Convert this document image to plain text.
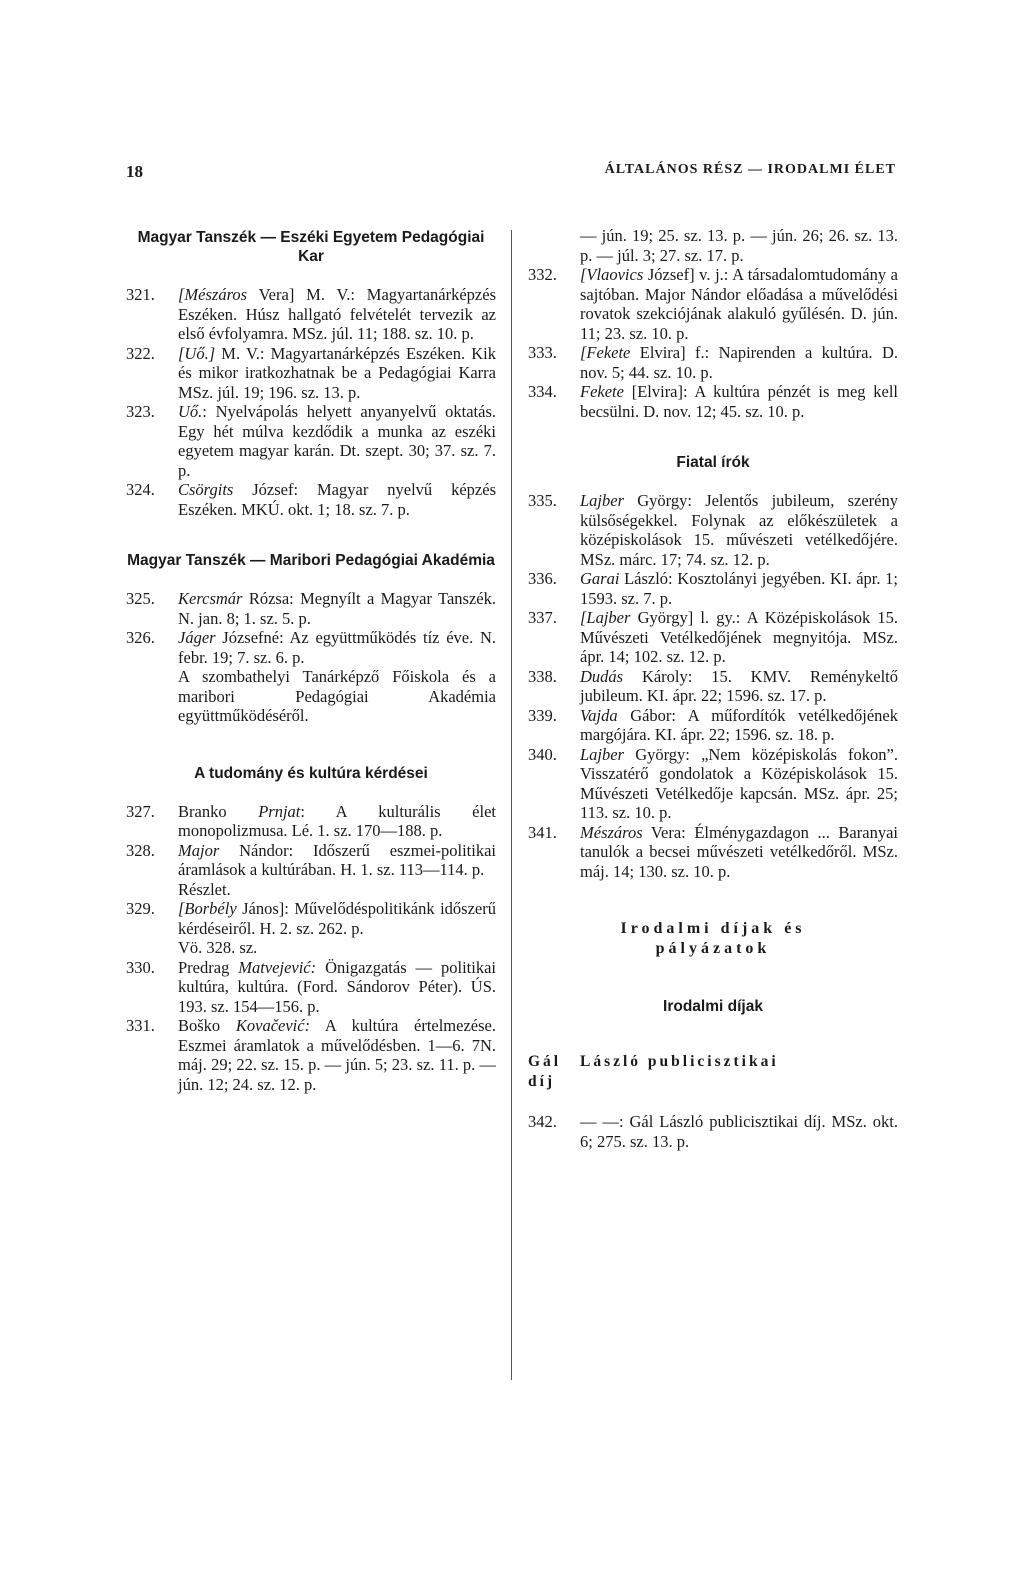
18	ÁLTALÁNOS RÉSZ — IRODALMI ÉLET
Magyar Tanszék — Eszéki Egyetem Pedagógiai Kar
321.	[Mészáros Vera] M. V.: Magyartanárképzés Eszéken. Húsz hallgató felvételét tervezik az első évfolyamra. MSz. júl. 11; 188. sz. 10. p.
322.	[Uő.] M. V.: Magyartanárképzés Eszéken. Kik és mikor iratkozhatnak be a Pedagógiai Karra MSz. júl. 19; 196. sz. 13. p.
323.	Uő.: Nyelvápolás helyett anyanyelvű oktatás. Egy hét múlva kezdődik a munka az eszéki egyetem magyar karán. Dt. szept. 30; 37. sz. 7. p.
324.	Csörgits József: Magyar nyelvű képzés Eszéken. MKÚ. okt. 1; 18. sz. 7. p.
Magyar Tanszék — Maribori Pedagógiai Akadémia
325.	Kercsmár Rózsa: Megnyílt a Magyar Tanszék. N. jan. 8; 1. sz. 5. p.
326.	Jáger Józsefné: Az együttműködés tíz éve. N. febr. 19; 7. sz. 6. p.
A szombathelyi Tanárképző Főiskola és a maribori Pedagógiai Akadémia együttműködéséről.
A tudomány és kultúra kérdései
327.	Branko Prnjat: A kulturális élet monopolizmusa. Lé. 1. sz. 170—188. p.
328.	Major Nándor: Időszerű eszmei-politikai áramlások a kultúrában. H. 1. sz. 113—114. p.
Részlet.
329.	[Borbély János]: Művelődéspolitikánk időszerű kérdéseiről. H. 2. sz. 262. p.
Vö. 328. sz.
330.	Predrag Matvejević: Önigazgatás — politikai kultúra, kultúra. (Ford. Sándorov Péter). ÚS. 193. sz. 154—156. p.
331.	Boško Kovačević: A kultúra értelmezése. Eszmei áramlatok a művelődésben. 1—6. 7N. máj. 29; 22. sz. 15. p. — jún. 5; 23. sz. 11. p. — jún. 12; 24. sz. 12. p.
— jún. 19; 25. sz. 13. p. — jún. 26; 26. sz. 13. p. — júl. 3; 27. sz. 17. p.
332.	[Vlaovics József] v. j.: A társadalomtudomány a sajtóban. Major Nándor előadása a művelődési rovatok szekciójának alakuló gyűlésén. D. jún. 11; 23. sz. 10. p.
333.	[Fekete Elvira] f.: Napirenden a kultúra. D. nov. 5; 44. sz. 10. p.
334.	Fekete [Elvira]: A kultúra pénzét is meg kell becsülni. D. nov. 12; 45. sz. 10. p.
Fiatal írók
335.	Lajber György: Jelentős jubileum, szerény külsőségekkel. Folynak az előkészületek a középiskolások 15. művészeti vetélkedőjére. MSz. márc. 17; 74. sz. 12. p.
336.	Garai László: Kosztolányi jegyében. KI. ápr. 1; 1593. sz. 7. p.
337.	[Lajber György] l. gy.: A Középiskolások 15. Művészeti Vetélkedőjének megnyitója. MSz. ápr. 14; 102. sz. 12. p.
338.	Dudás Károly: 15. KMV. Reménykeltő jubileum. KI. ápr. 22; 1596. sz. 17. p.
339.	Vajda Gábor: A műfordítók vetélkedőjének margójára. KI. ápr. 22; 1596. sz. 18. p.
340.	Lajber György: „Nem középiskolás fokon”. Visszatérő gondolatok a Középiskolások 15. Művészeti Vetélkedője kapcsán. MSz. ápr. 25; 113. sz. 10. p.
341.	Mészáros Vera: Élménygazdagon ... Baranyai tanulók a becsei művészeti vetélkedőről. MSz. máj. 14; 130. sz. 10. p.
Irodalmi díjak és pályázatok
Irodalmi díjak
Gál díj
László publicisztikai
342.	— —: Gál László publicisztikai díj. MSz. okt. 6; 275. sz. 13. p.
